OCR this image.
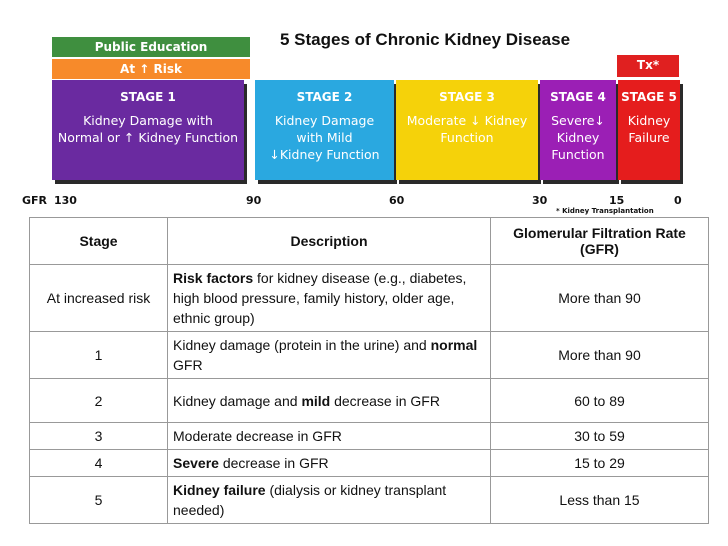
5 Stages of Chronic Kidney Disease
Public Education
At ↑ Risk	Tx*
STAGE 1
Kidney Damage with
Normal or ↑ Kidney Function
STAGE 2
Kidney Damage
with Mild
↓Kidney Function
STAGE 3
Moderate ↓ Kidney
Function
STAGE 4
Severe↓
Kidney
Function
STAGE 5
Kidney
Failure
GFR 130	90	60	30	15	0
* Kidney Transplantation
Stage	Description	Glomerular Filtration Rate (GFR)
At increased risk	Risk factors for kidney disease (e.g., diabetes, high blood pressure, family history, older age, ethnic group)	More than 90
1	Kidney damage (protein in the urine) and normal GFR	More than 90
2	Kidney damage and mild decrease in GFR	60 to 89
3	Moderate decrease in GFR	30 to 59
4	Severe decrease in GFR	15 to 29
5	Kidney failure (dialysis or kidney transplant needed)	Less than 15
